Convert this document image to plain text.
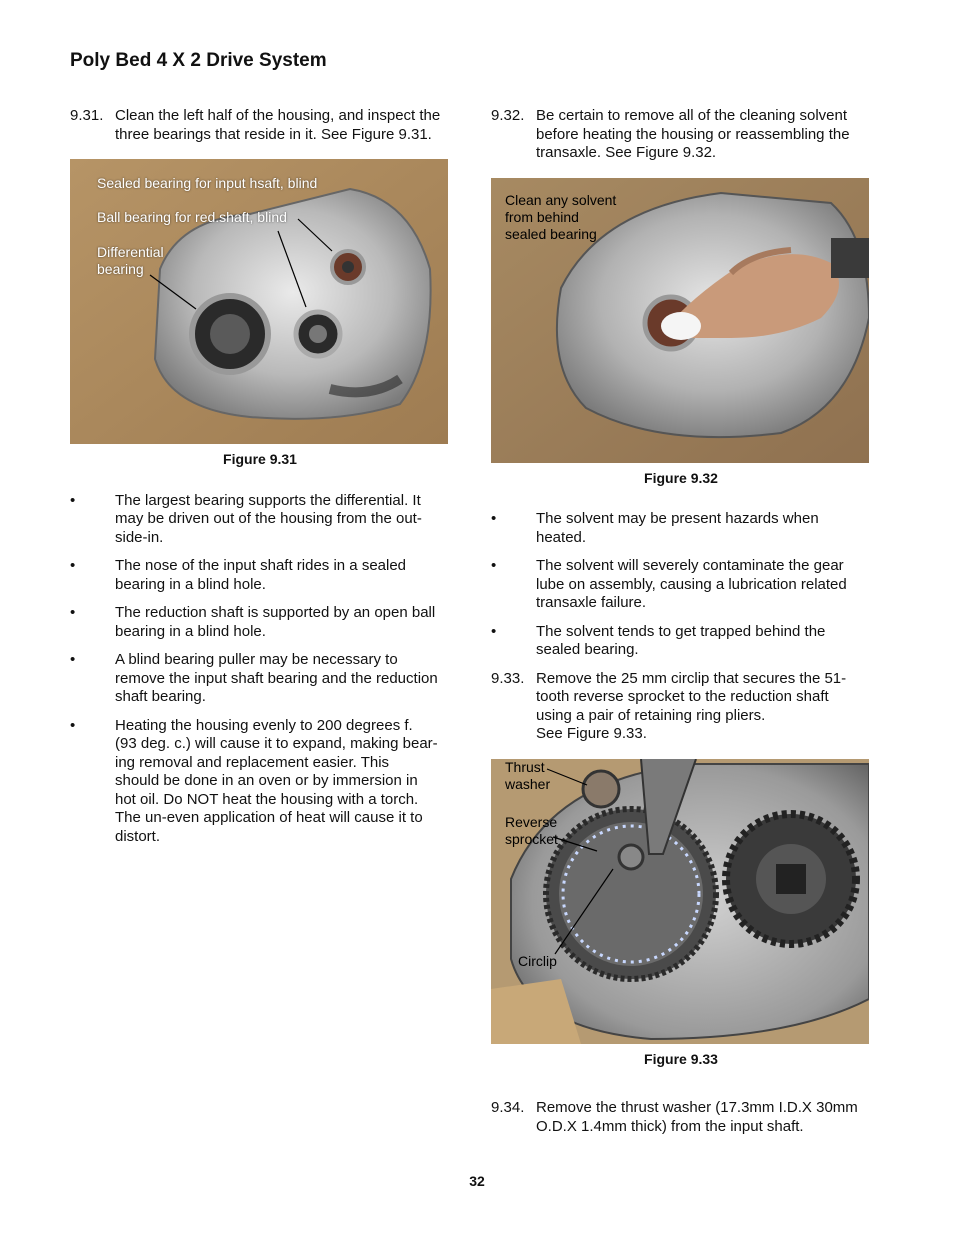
Poly Bed 4 X 2 Drive System
9.31. Clean the left half of the housing, and inspect the
three bearings that reside in it. See Figure 9.31.
Sealed bearing for input hsaft, blind
Ball bearing for red.shaft, blind
Differential
bearing
Figure 9.31
•	The largest bearing supports the differential. It
may be driven out of the housing from the out-
side-in.
•	The nose of the input shaft rides in a sealed
bearing in a blind hole.
•	The reduction shaft is supported by an open ball
bearing in a blind hole.
•	A blind bearing puller may be necessary to
remove the input shaft bearing and the reduction
shaft bearing.
•	Heating the housing evenly to 200 degrees f.
(93 deg. c.) will cause it to expand, making bear-
ing removal and replacement easier. This
should be done in an oven or by immersion in
hot oil. Do NOT heat the housing with a torch.
The un-even application of heat will cause it to
distort.
9.32. Be certain to remove all of the cleaning solvent
before heating the housing or reassembling the
transaxle. See Figure 9.32.
Clean any solvent
from behind
sealed bearing
Figure 9.32
•	The solvent may be present hazards when
heated.
•	The solvent will severely contaminate the gear
lube on assembly, causing a lubrication related
transaxle failure.
•	The solvent tends to get trapped behind the
sealed bearing.
9.33. Remove the 25 mm circlip that secures the 51-
tooth reverse sprocket to the reduction shaft
using a pair of retaining ring pliers.
See Figure 9.33.
Thrust
washer
Reverse
sprocket
Circlip
Figure 9.33
9.34. Remove the thrust washer (17.3mm I.D.X 30mm
O.D.X 1.4mm thick) from the input shaft.
32
